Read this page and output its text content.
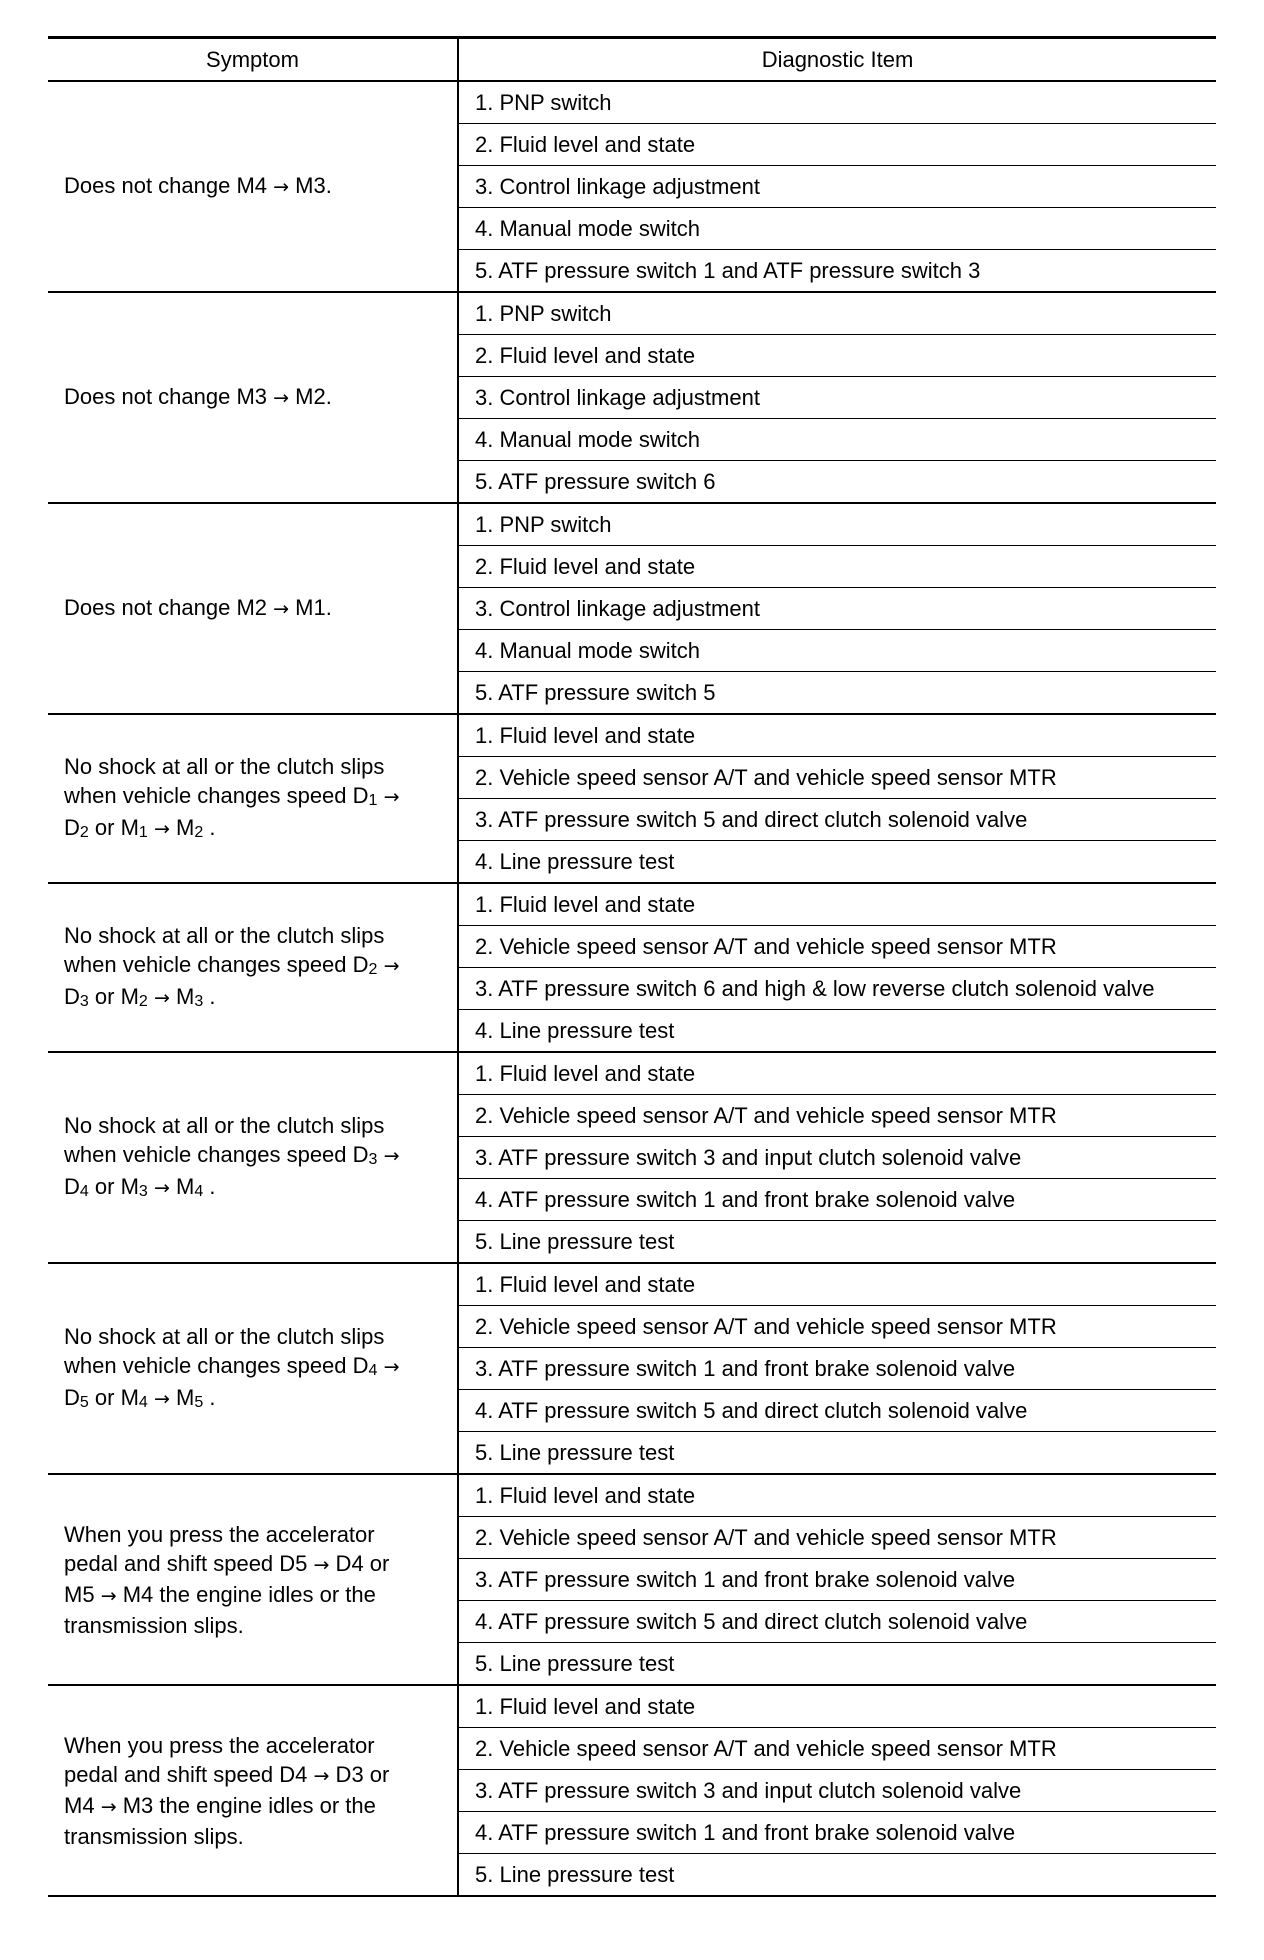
Symptom	Diagnostic Item

Does not change M4 → M3.	1. PNP switch
	2. Fluid level and state
	3. Control linkage adjustment
	4. Manual mode switch
	5. ATF pressure switch 1 and ATF pressure switch 3

Does not change M3 → M2.	1. PNP switch
	2. Fluid level and state
	3. Control linkage adjustment
	4. Manual mode switch
	5. ATF pressure switch 6

Does not change M2 → M1.	1. PNP switch
	2. Fluid level and state
	3. Control linkage adjustment
	4. Manual mode switch
	5. ATF pressure switch 5

No shock at all or the clutch slips
when vehicle changes speed D1 →
D2 or M1 → M2 .	1. Fluid level and state
	2. Vehicle speed sensor A/T and vehicle speed sensor MTR
	3. ATF pressure switch 5 and direct clutch solenoid valve
	4. Line pressure test

No shock at all or the clutch slips
when vehicle changes speed D2 →
D3 or M2 → M3 .	1. Fluid level and state
	2. Vehicle speed sensor A/T and vehicle speed sensor MTR
	3. ATF pressure switch 6 and high & low reverse clutch solenoid valve
	4. Line pressure test

No shock at all or the clutch slips
when vehicle changes speed D3 →
D4 or M3 → M4 .	1. Fluid level and state
	2. Vehicle speed sensor A/T and vehicle speed sensor MTR
	3. ATF pressure switch 3 and input clutch solenoid valve
	4. ATF pressure switch 1 and front brake solenoid valve
	5. Line pressure test

No shock at all or the clutch slips
when vehicle changes speed D4 →
D5 or M4 → M5 .	1. Fluid level and state
	2. Vehicle speed sensor A/T and vehicle speed sensor MTR
	3. ATF pressure switch 1 and front brake solenoid valve
	4. ATF pressure switch 5 and direct clutch solenoid valve
	5. Line pressure test

When you press the accelerator
pedal and shift speed D5 → D4 or
M5 → M4 the engine idles or the
transmission slips.	1. Fluid level and state
	2. Vehicle speed sensor A/T and vehicle speed sensor MTR
	3. ATF pressure switch 1 and front brake solenoid valve
	4. ATF pressure switch 5 and direct clutch solenoid valve
	5. Line pressure test

When you press the accelerator
pedal and shift speed D4 → D3 or
M4 → M3 the engine idles or the
transmission slips.	1. Fluid level and state
	2. Vehicle speed sensor A/T and vehicle speed sensor MTR
	3. ATF pressure switch 3 and input clutch solenoid valve
	4. ATF pressure switch 1 and front brake solenoid valve
	5. Line pressure test
